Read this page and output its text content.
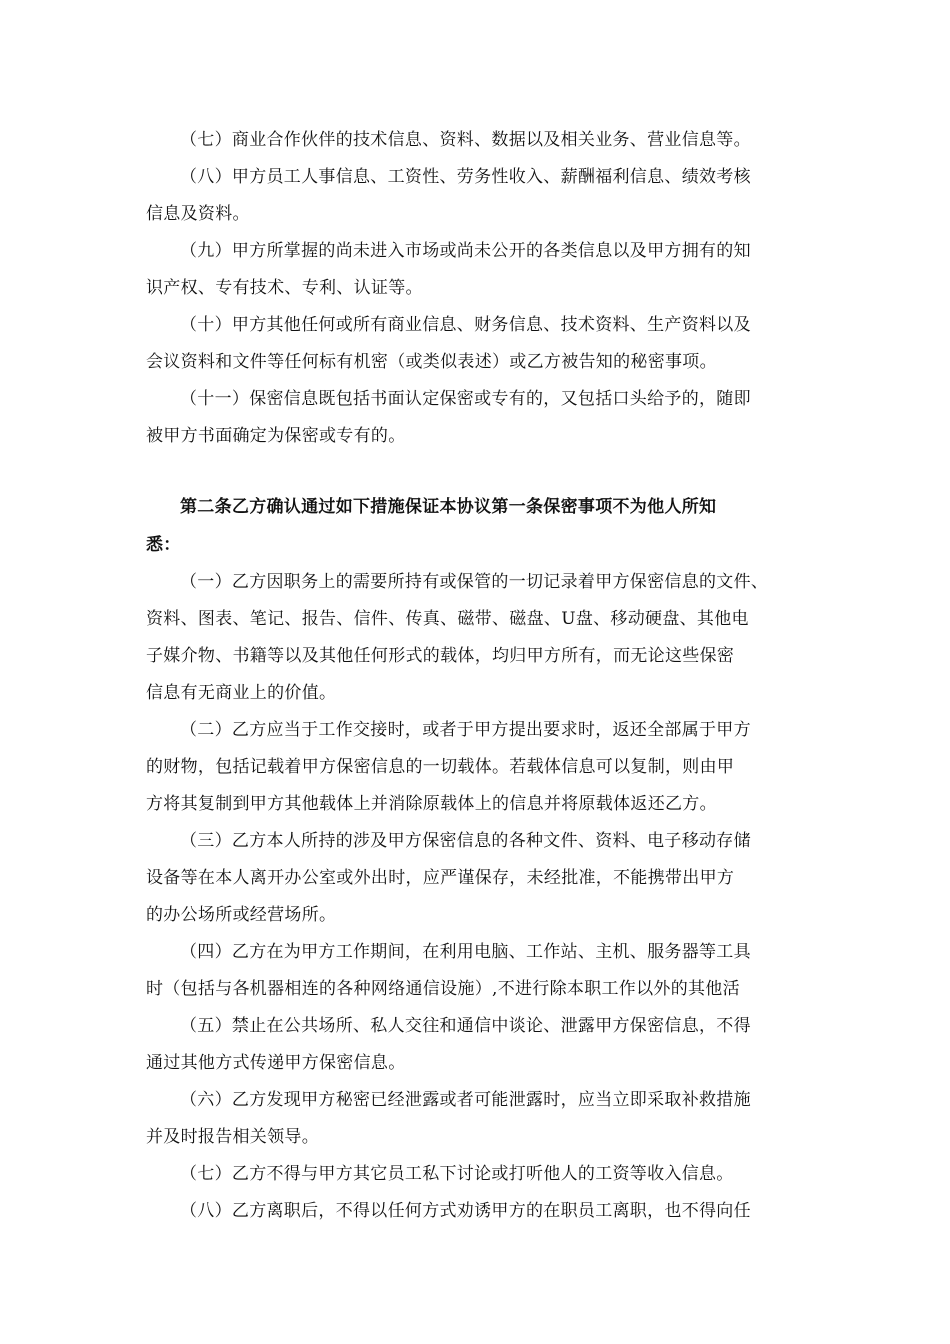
（七）商业合作伙伴的技术信息、资料、数据以及相关业务、营业信息等。

（八）甲方员工人事信息、工资性、劳务性收入、薪酬福利信息、绩效考核
信息及资料。

（九）甲方所掌握的尚未进入市场或尚未公开的各类信息以及甲方拥有的知
识产权、专有技术、专利、认证等。

（十）甲方其他任何或所有商业信息、财务信息、技术资料、生产资料以及
会议资料和文件等任何标有机密（或类似表述）或乙方被告知的秘密事项。

（十一）保密信息既包括书面认定保密或专有的，又包括口头给予的，随即
被甲方书面确定为保密或专有的。

第二条乙方确认通过如下措施保证本协议第一条保密事项不为他人所知
悉：

（一）乙方因职务上的需要所持有或保管的一切记录着甲方保密信息的文件、
资料、图表、笔记、报告、信件、传真、磁带、磁盘、U盘、移动硬盘、其他电
子媒介物、书籍等以及其他任何形式的载体，均归甲方所有，而无论这些保密
信息有无商业上的价值。

（二）乙方应当于工作交接时，或者于甲方提出要求时，返还全部属于甲方
的财物，包括记载着甲方保密信息的一切载体。若载体信息可以复制，则由甲
方将其复制到甲方其他载体上并消除原载体上的信息并将原载体返还乙方。

（三）乙方本人所持的涉及甲方保密信息的各种文件、资料、电子移动存储
设备等在本人离开办公室或外出时，应严谨保存，未经批准，不能携带出甲方
的办公场所或经营场所。

（四）乙方在为甲方工作期间，在利用电脑、工作站、主机、服务器等工具
时（包括与各机器相连的各种网络通信设施）,不进行除本职工作以外的其他活

（五）禁止在公共场所、私人交往和通信中谈论、泄露甲方保密信息，不得
通过其他方式传递甲方保密信息。

（六）乙方发现甲方秘密已经泄露或者可能泄露时，应当立即采取补救措施
并及时报告相关领导。

（七）乙方不得与甲方其它员工私下讨论或打听他人的工资等收入信息。

（八）乙方离职后，不得以任何方式劝诱甲方的在职员工离职，也不得向任
